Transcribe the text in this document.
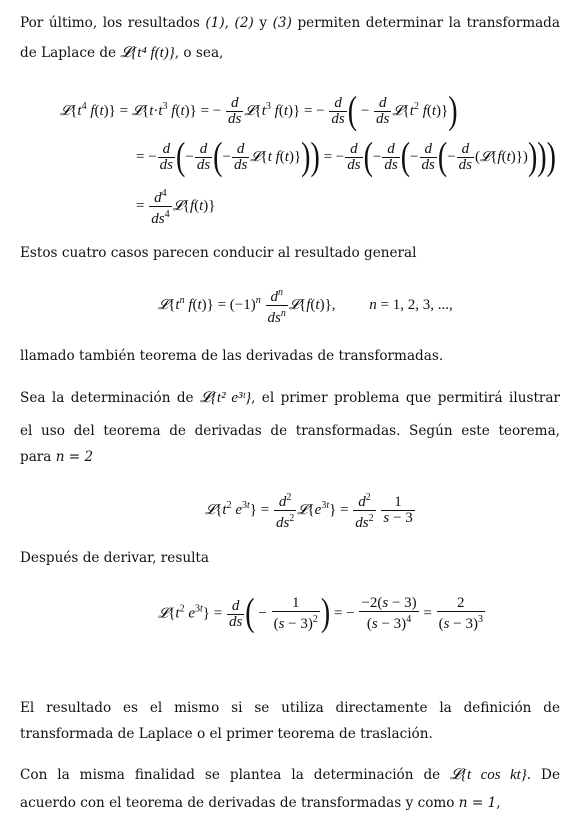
Por último, los resultados (1), (2) y (3) permiten determinar la transformada

de Laplace de 𝓛{t⁴ f(t)}, o sea,

$𝓛\{t^4$ $f(t)\} = 𝓛\{t\cdot t^3$ f(t)} = − $\frac{d}{ds}$ $𝓛\{t^3$ f(t)} = − $\frac{d}{ds}$ ( − $\frac{d}{ds}$ $𝓛\{t^2$ f(t)})
= − $\frac{d}{ds}$ (− $\frac{d}{ds}$ (− $\frac{d}{ds}$ 𝓛{t f(t)})) = − $\frac{d}{ds}$ (− $\frac{d}{ds}$ (− $\frac{d}{ds}$ (− $\frac{d}{ds}$ (𝓛{f(t)}))))
= $\frac{d^4}{ds^4}$ 𝓛{f(t)}

Estos cuatro casos parecen conducir al resultado general

$𝓛\{t^n$ $f(t)\} = (-1)^n$ $d^n$
$ds^n$
𝓛{f(t)}, n = 1, 2, 3, ...,

llamado también teorema de las derivadas de transformadas.

Sea la determinación de 𝓛{t² e³ᵗ}, el primer problema que permitirá ilustrar

el uso del teorema de derivadas de transformadas. Según este teorema,

para n = 2

$𝓛\{t^2$ $e^{3t}\} = \frac{d^2}{ds^2}$ $𝓛\{e^{3t}\} = \frac{d^2}{ds^2}$
$\frac{1}{s - 3}$

Después de derivar, resulta

$𝓛\{t^2$ $e^{3t}\} = \frac{d}{ds}$ ( − $\frac{1}{(s - 3)^2}$ ) = − $\frac{-2(s - 3)}{(s - 3)^4} = \frac{2}{(s - 3)^3}$

El resultado es el mismo si se utiliza directamente la definición de

transformada de Laplace o el primer teorema de traslación.

Con la misma finalidad se plantea la determinación de 𝓛{t cos kt}. De

acuerdo con el teorema de derivadas de transformadas y como n = 1,
